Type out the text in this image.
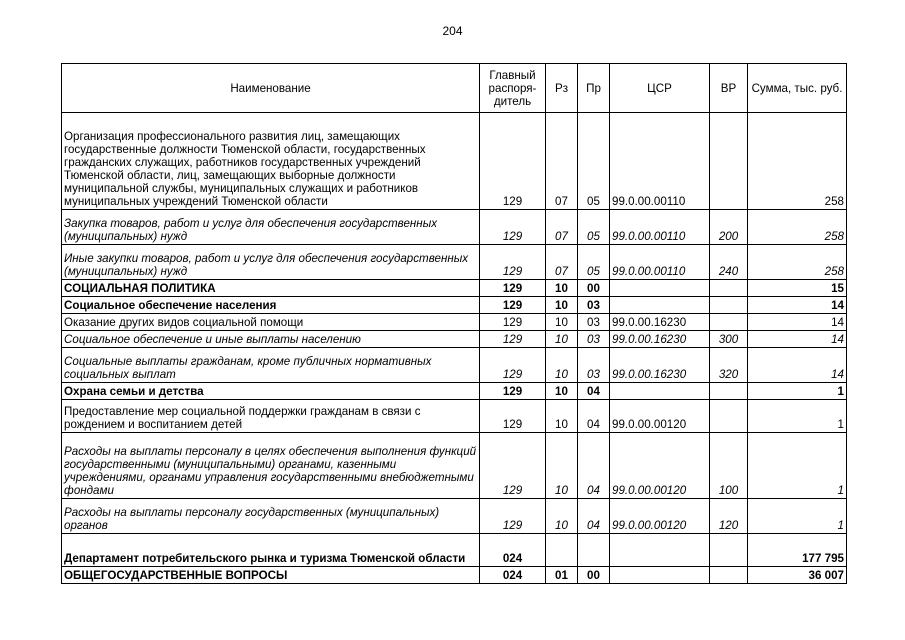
204
Наименование	Главный распоря-дитель	Рз	Пр	ЦСР	ВР	Сумма, тыс. руб.
Организация профессионального развития лиц, замещающих государственные должности Тюменской области, государственных гражданских служащих, работников государственных учреждений Тюменской области, лиц, замещающих выборные должности муниципальной службы, муниципальных служащих и работников муниципальных учреждений Тюменской области	129	07	05	99.0.00.00110		258
Закупка товаров, работ и услуг для обеспечения государственных (муниципальных) нужд	129	07	05	99.0.00.00110	200	258
Иные закупки товаров, работ и услуг для обеспечения государственных (муниципальных) нужд	129	07	05	99.0.00.00110	240	258
СОЦИАЛЬНАЯ ПОЛИТИКА	129	10	00			15
Социальное обеспечение населения	129	10	03			14
Оказание других видов социальной помощи	129	10	03	99.0.00.16230		14
Социальное обеспечение и иные выплаты населению	129	10	03	99.0.00.16230	300	14
Социальные выплаты гражданам, кроме публичных нормативных социальных выплат	129	10	03	99.0.00.16230	320	14
Охрана семьи и детства	129	10	04			1
Предоставление мер социальной поддержки гражданам в связи с рождением и воспитанием детей	129	10	04	99.0.00.00120		1
Расходы на выплаты персоналу в целях обеспечения выполнения функций государственными (муниципальными) органами, казенными учреждениями, органами управления государственными внебюджетными фондами	129	10	04	99.0.00.00120	100	1
Расходы на выплаты персоналу государственных (муниципальных) органов	129	10	04	99.0.00.00120	120	1
Департамент потребительского рынка и туризма Тюменской области	024					177 795
ОБЩЕГОСУДАРСТВЕННЫЕ ВОПРОСЫ	024	01	00			36 007
